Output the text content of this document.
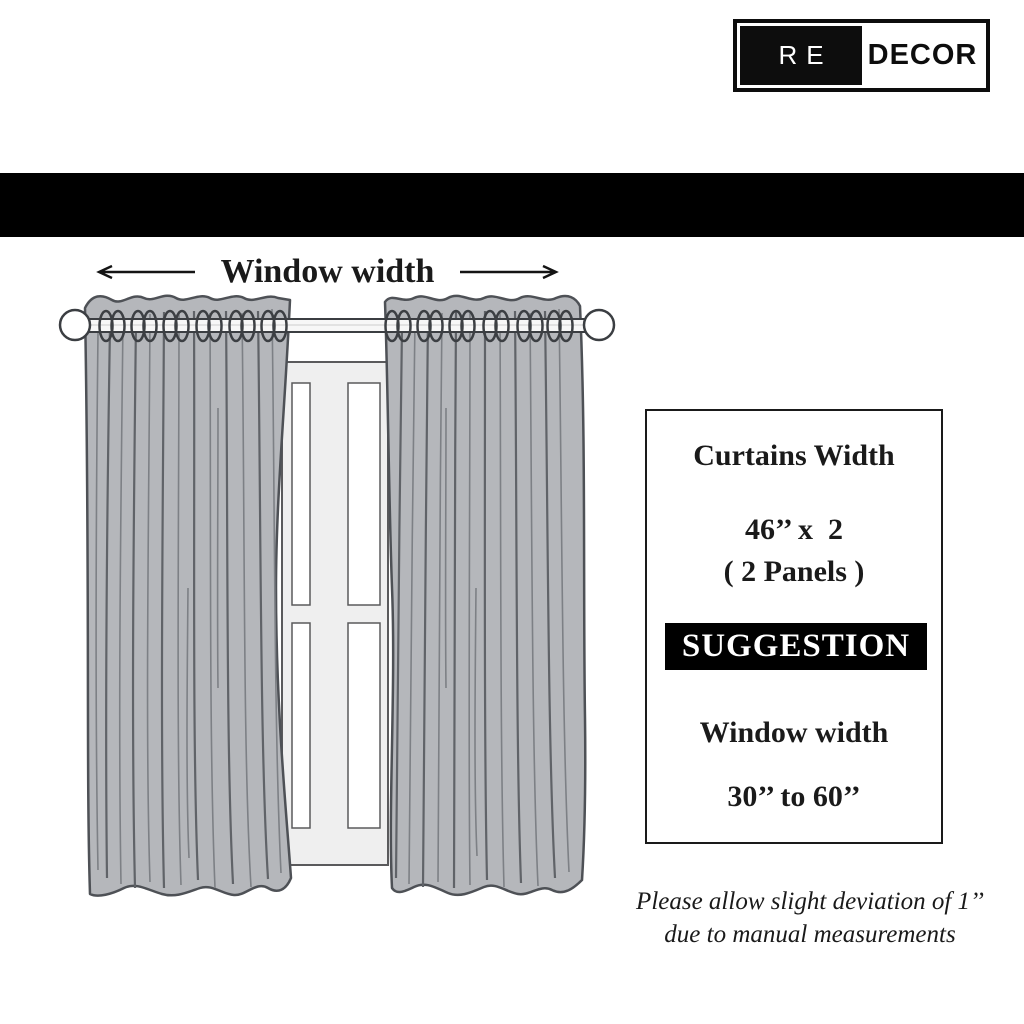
RE	DECOR
Window width
Curtains Width
46’’ x  2
( 2 Panels )
SUGGESTION
Window width
30’’ to 60’’
Please allow slight deviation of 1’’
due to manual measurements
